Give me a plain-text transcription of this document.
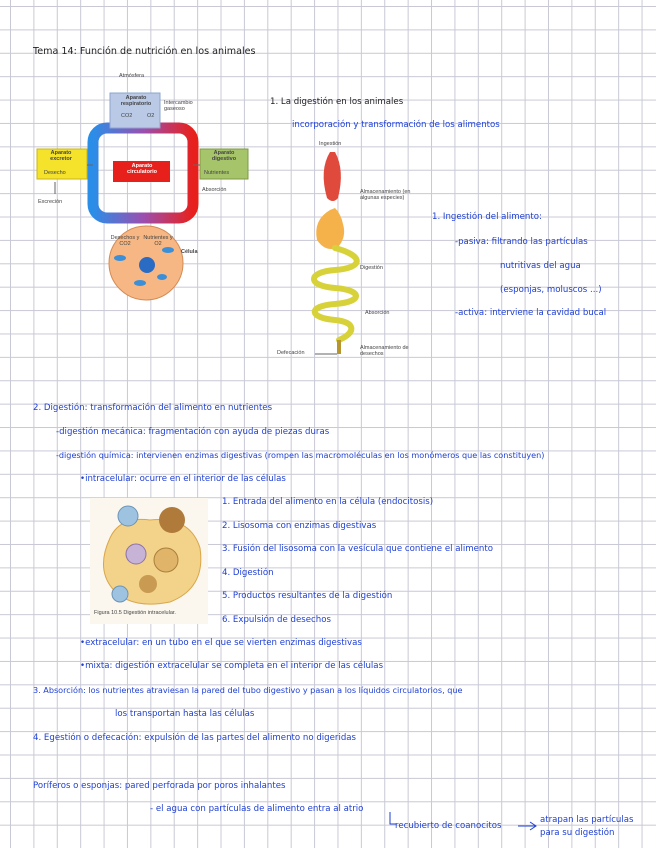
Tema 14: Función de nutrición en los animales
Atmósfera
Aparato respiratorio
CO2	O2
Intercambio gaseoso
Aparato excretor
Desecho
Aparato circulatorio
Aparato digestivo
Nutrientes
Absorción
Excreción
Desechos y CO2
Nutrientes y O2
Célula
1. La digestión en los animales
incorporación y transformación de los alimentos
Ingestión
Almacenamiento (en algunas especies)
Digestión
Absorción
Almacenamiento de desechos
Defecación
1. Ingestión del alimento:
-pasiva: filtrando las partículas
nutritivas del agua
(esponjas, moluscos ...)
-activa: interviene la cavidad bucal
2. Digestión: transformación del alimento en nutrientes
-digestión mecánica: fragmentación con ayuda de piezas duras
-digestión química: intervienen enzimas digestivas (rompen las macromoléculas en los monómeros que las constituyen)
•intracelular: ocurre en el interior de las células
Figura 10.5 Digestión intracelular.
1. Entrada del alimento en la célula (endocitosis)
2. Lisosoma con enzimas digestivas
3. Fusión del lisosoma con la vesícula que contiene el alimento
4. Digestión
5. Productos resultantes de la digestión
6. Expulsión de desechos
•extracelular: en un tubo en el que se vierten enzimas digestivas
•mixta: digestión extracelular se completa en el interior de las células
3. Absorción: los nutrientes atraviesan la pared del tubo digestivo y pasan a los líquidos circulatorios, que
los transportan hasta las células
4. Egestión o defecación: expulsión de las partes del alimento no digeridas
Poríferos o esponjas: pared perforada por poros inhalantes
- el agua con partículas de alimento entra al atrio
recubierto de coanocitos
atrapan las partículas
para su digestión
